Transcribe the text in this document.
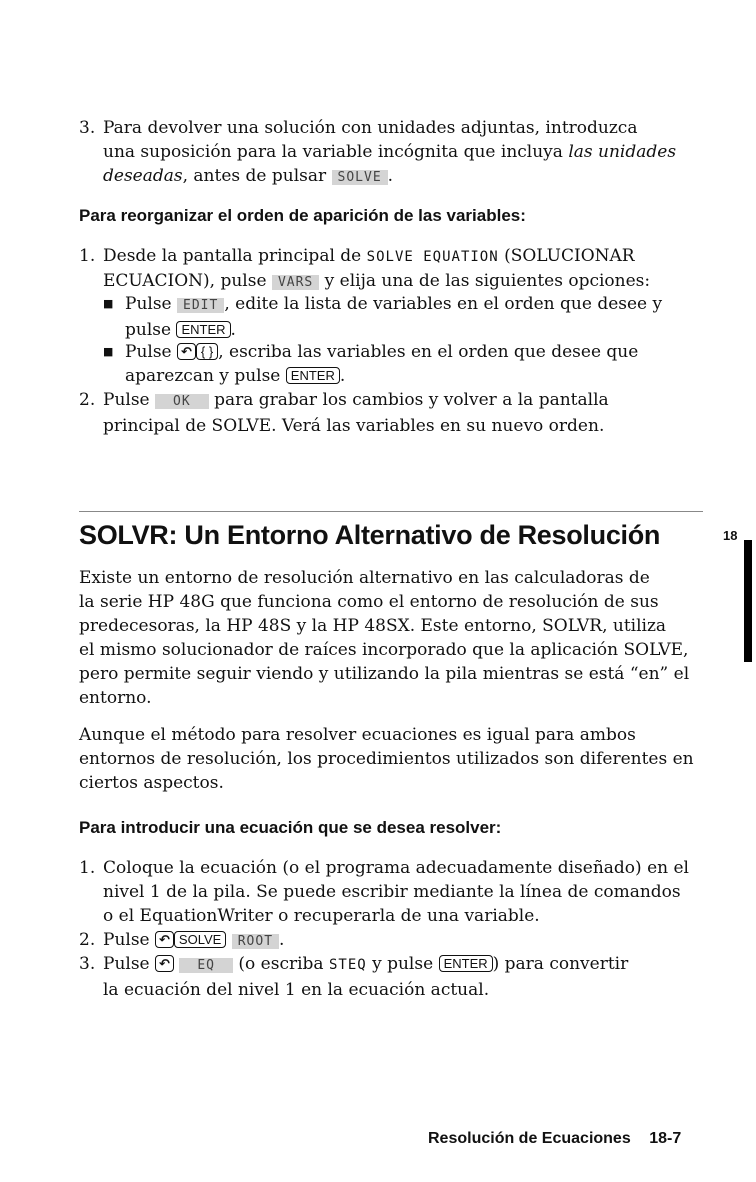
3. Para devolver una solución con unidades adjuntas, introduzca
una suposición para la variable incógnita que incluya las unidades
deseadas, antes de pulsar SOLVE .
Para reorganizar el orden de aparición de las variables:
1. Desde la pantalla principal de SOLVE EQUATION (SOLUCIONAR
ECUACION), pulse VARS y elija una de las siguientes opciones:
■ Pulse EDIT , edite la lista de variables en el orden que desee y
pulse ENTER .
■ Pulse ↶ { } , escriba las variables en el orden que desee que
aparezcan y pulse ENTER .
2. Pulse OK para grabar los cambios y volver a la pantalla
principal de SOLVE. Verá las variables en su nuevo orden.
SOLVR: Un Entorno Alternativo de Resolución	18
Existe un entorno de resolución alternativo en las calculadoras de
la serie HP 48G que funciona como el entorno de resolución de sus
predecesoras, la HP 48S y la HP 48SX. Este entorno, SOLVR, utiliza
el mismo solucionador de raíces incorporado que la aplicación SOLVE,
pero permite seguir viendo y utilizando la pila mientras se está “en” el
entorno.
Aunque el método para resolver ecuaciones es igual para ambos
entornos de resolución, los procedimientos utilizados son diferentes en
ciertos aspectos.
Para introducir una ecuación que se desea resolver:
1. Coloque la ecuación (o el programa adecuadamente diseñado) en el
nivel 1 de la pila. Se puede escribir mediante la línea de comandos
o el EquationWriter o recuperarla de una variable.
2. Pulse ↶ SOLVE ROOT .
3. Pulse ↶ EQ (o escriba STEQ y pulse ENTER ) para convertir
la ecuación del nivel 1 en la ecuación actual.
Resolución de Ecuaciones 18-7
